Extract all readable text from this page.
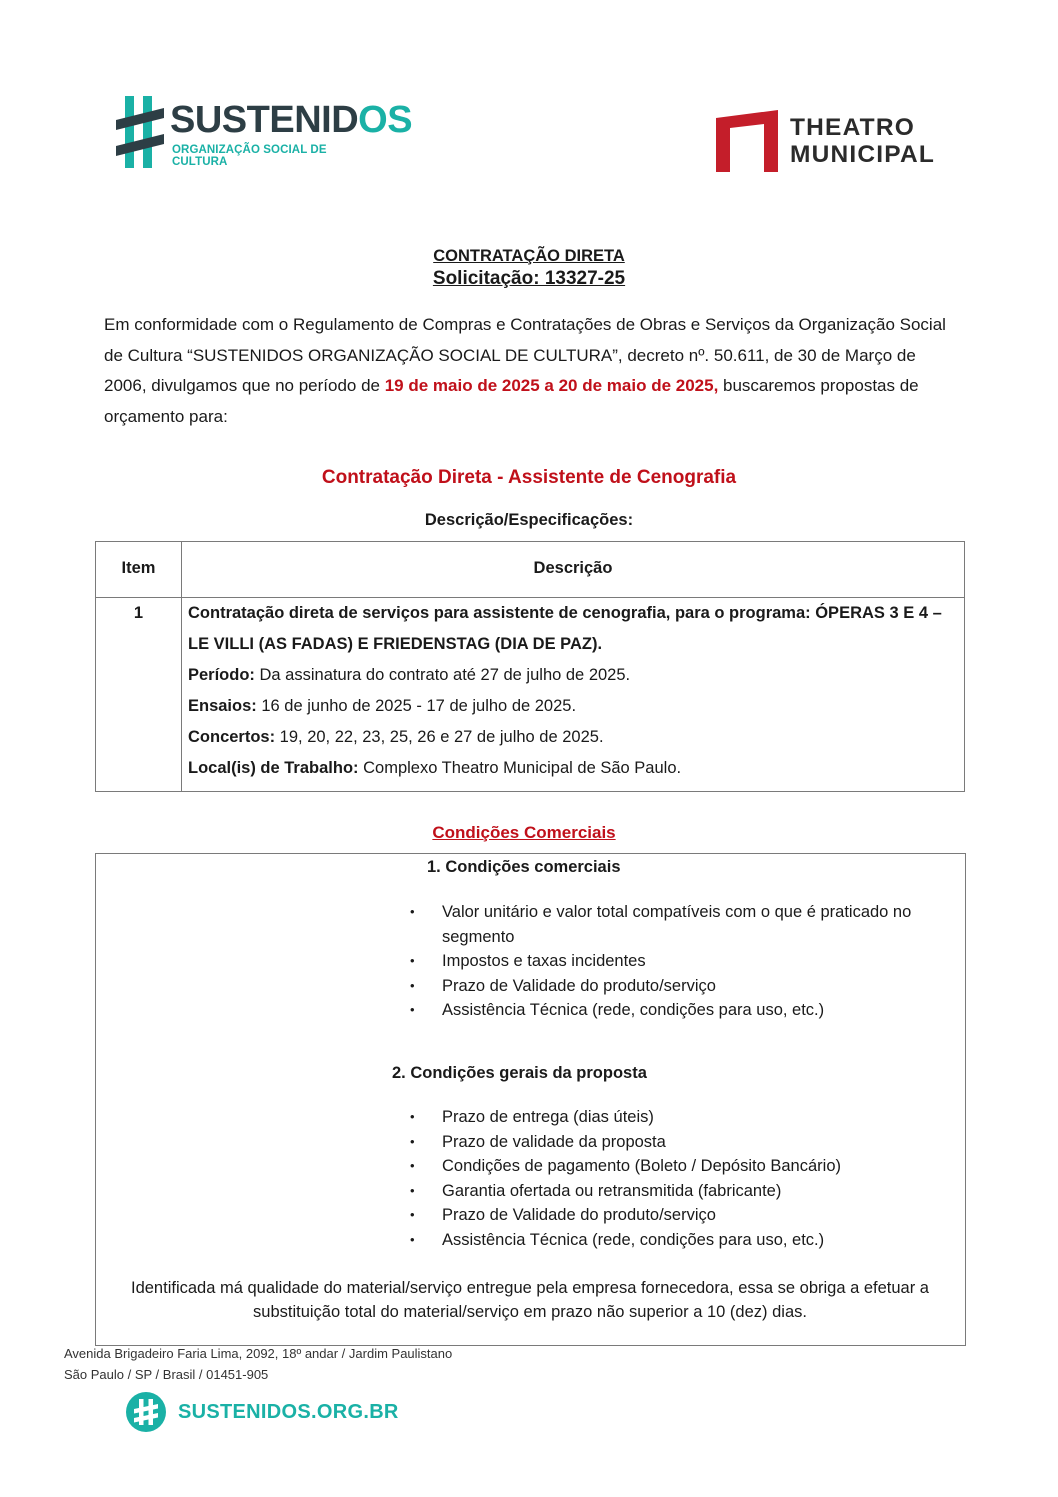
SUSTENIDOS
ORGANIZAÇÃO SOCIAL DE CULTURA
THEATRO
MUNICIPAL
CONTRATAÇÃO DIRETA
Solicitação: 13327-25
Em conformidade com o Regulamento de Compras e Contratações de Obras e Serviços da Organização Social de Cultura “SUSTENIDOS ORGANIZAÇÃO SOCIAL DE CULTURA”, decreto nº. 50.611, de 30 de Março de 2006, divulgamos que no período de 19 de maio de 2025 a 20 de maio de 2025, buscaremos propostas de orçamento para:
Contratação Direta - Assistente de Cenografia
Descrição/Especificações:
Item	Descrição
1	Contratação direta de serviços para assistente de cenografia, para o programa: ÓPERAS 3 E 4 – LE VILLI (AS FADAS) E FRIEDENSTAG (DIA DE PAZ).

Período: Da assinatura do contrato até 27 de julho de 2025.

Ensaios: 16 de junho de 2025 - 17 de julho de 2025.

Concertos: 19, 20, 22, 23, 25, 26 e 27 de julho de 2025.

Local(is) de Trabalho: Complexo Theatro Municipal de São Paulo.

Condições Comerciais
1. Condições comerciais
• Valor unitário e valor total compatíveis com o que é praticado no segmento
• Impostos e taxas incidentes
• Prazo de Validade do produto/serviço
• Assistência Técnica (rede, condições para uso, etc.)
2. Condições gerais da proposta
• Prazo de entrega (dias úteis)
• Prazo de validade da proposta
• Condições de pagamento (Boleto / Depósito Bancário)
• Garantia ofertada ou retransmitida (fabricante)
• Prazo de Validade do produto/serviço
• Assistência Técnica (rede, condições para uso, etc.)
Identificada má qualidade do material/serviço entregue pela empresa fornecedora, essa se obriga a efetuar a substituição total do material/serviço em prazo não superior a 10 (dez) dias.
Avenida Brigadeiro Faria Lima, 2092, 18º andar / Jardim Paulistano
São Paulo / SP / Brasil / 01451-905
SUSTENIDOS.ORG.BR
